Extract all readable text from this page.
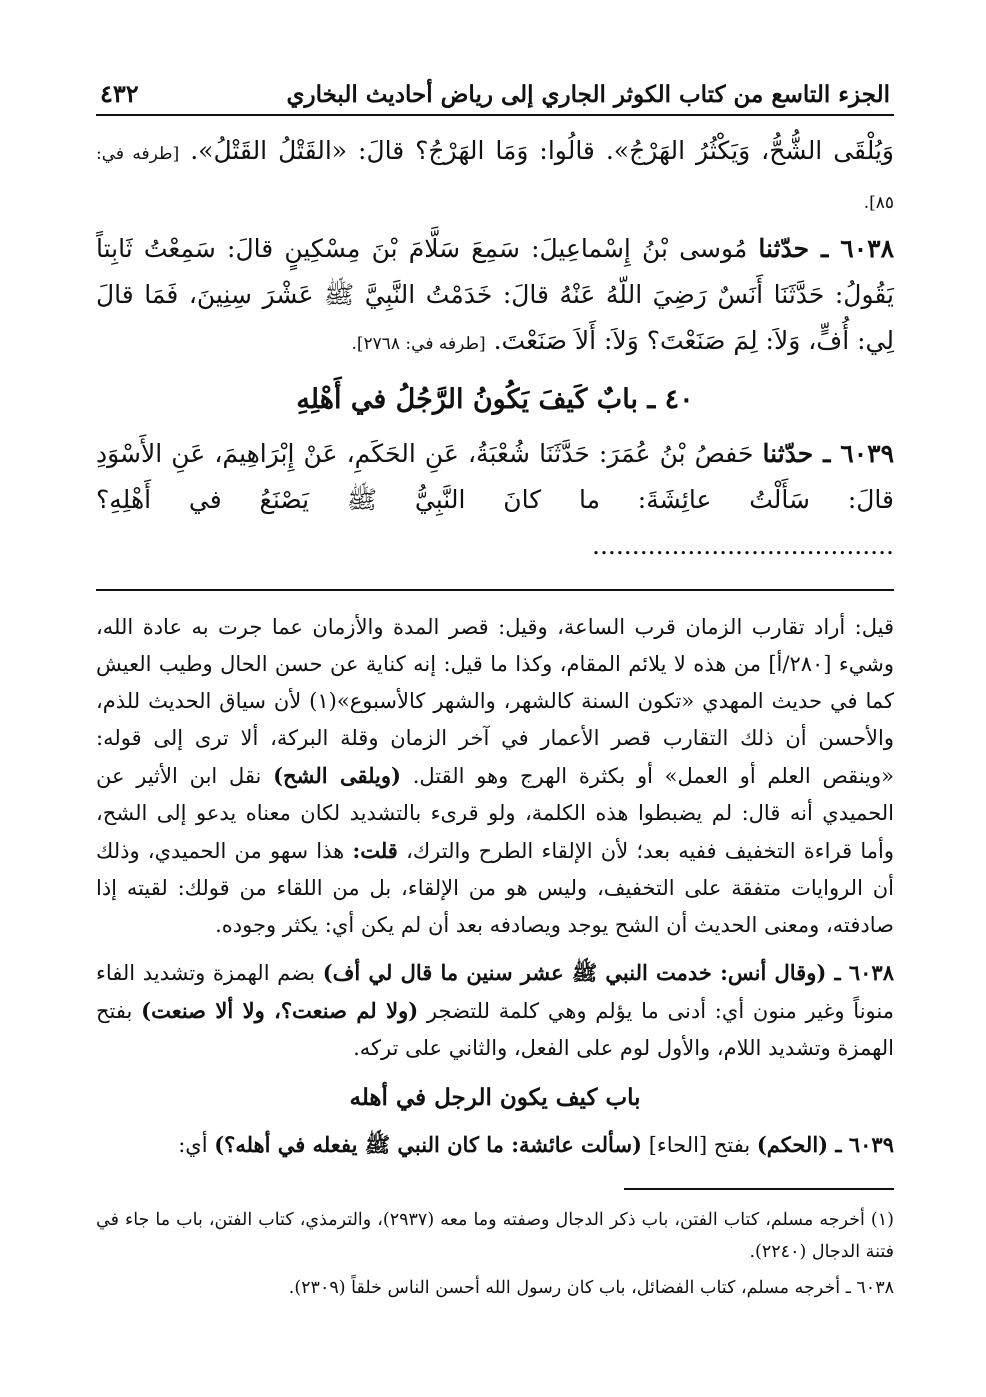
الجزء التاسع من كتاب الكوثر الجاري إلى رياض أحاديث البخاري
٤٣٢

وَيُلْقَى الشُّحُّ، وَيَكْثُرُ الهَرْجُ». قالُوا: وَمَا الهَرْجُ؟ قالَ: «القَتْلُ القَتْلُ». [طرفه في: ٨٥].

٦٠٣٨ ـ حدّثنا مُوسى بْنُ إِسْماعِيلَ: سَمِعَ سَلَّامَ بْنَ مِسْكِينٍ قالَ: سَمِعْتُ ثَابِتاً يَقُولُ: حَدَّثَنَا أَنَسٌ رَضِيَ اللّهُ عَنْهُ قالَ: خَدَمْتُ النَّبِيَّ ﷺ عَشْرَ سِنِينَ، فَمَا قالَ لِي: أُفٍّ، وَلاَ: لِمَ صَنَعْتَ؟ وَلاَ: أَلاَ صَنَعْتَ. [طرفه في: ٢٧٦٨].

٤٠ ـ بابٌ كَيفَ يَكُونُ الرَّجُلُ في أَهْلِهِ

٦٠٣٩ ـ حدّثنا حَفصُ بْنُ عُمَرَ: حَدَّثَنَا شُعْبَةُ، عَنِ الحَكَمِ، عَنْ إِبْرَاهِيمَ، عَنِ الأَسْوَدِ قالَ: سَأَلْتُ عائِشَةَ: ما كانَ النَّبِيُّ ﷺ يَصْنَعُ في أَهْلِهِ؟ ......................................

قيل: أراد تقارب الزمان قرب الساعة، وقيل: قصر المدة والأزمان عما جرت به عادة الله، وشيء [٢٨٠/أ] من هذه لا يلائم المقام، وكذا ما قيل: إنه كناية عن حسن الحال وطيب العيش كما في حديث المهدي «تكون السنة كالشهر، والشهر كالأسبوع»(١) لأن سياق الحديث للذم، والأحسن أن ذلك التقارب قصر الأعمار في آخر الزمان وقلة البركة، ألا ترى إلى قوله: «وينقص العلم أو العمل» أو بكثرة الهرج وهو القتل. (ويلقى الشح) نقل ابن الأثير عن الحميدي أنه قال: لم يضبطوا هذه الكلمة، ولو قرىء بالتشديد لكان معناه يدعو إلى الشح، وأما قراءة التخفيف ففيه بعد؛ لأن الإلقاء الطرح والترك، قلت: هذا سهو من الحميدي، وذلك أن الروايات متفقة على التخفيف، وليس هو من الإلقاء، بل من اللقاء من قولك: لقيته إذا صادفته، ومعنى الحديث أن الشح يوجد ويصادفه بعد أن لم يكن أي: يكثر وجوده.

٦٠٣٨ ـ (وقال أنس: خدمت النبي ﷺ عشر سنين ما قال لي أف) بضم الهمزة وتشديد الفاء منوناً وغير منون أي: أدنى ما يؤلم وهي كلمة للتضجر (ولا لم صنعت؟، ولا ألا صنعت) بفتح الهمزة وتشديد اللام، والأول لوم على الفعل، والثاني على تركه.

باب كيف يكون الرجل في أهله

٦٠٣٩ ـ (الحكم) بفتح [الحاء] (سألت عائشة: ما كان النبي ﷺ يفعله في أهله؟) أي:

(١) أخرجه مسلم، كتاب الفتن، باب ذكر الدجال وصفته وما معه (٢٩٣٧)، والترمذي، كتاب الفتن، باب ما جاء في فتنة الدجال (٢٢٤٠).

٦٠٣٨ ـ أخرجه مسلم، كتاب الفضائل، باب كان رسول الله أحسن الناس خلقاً (٢٣٠٩).
